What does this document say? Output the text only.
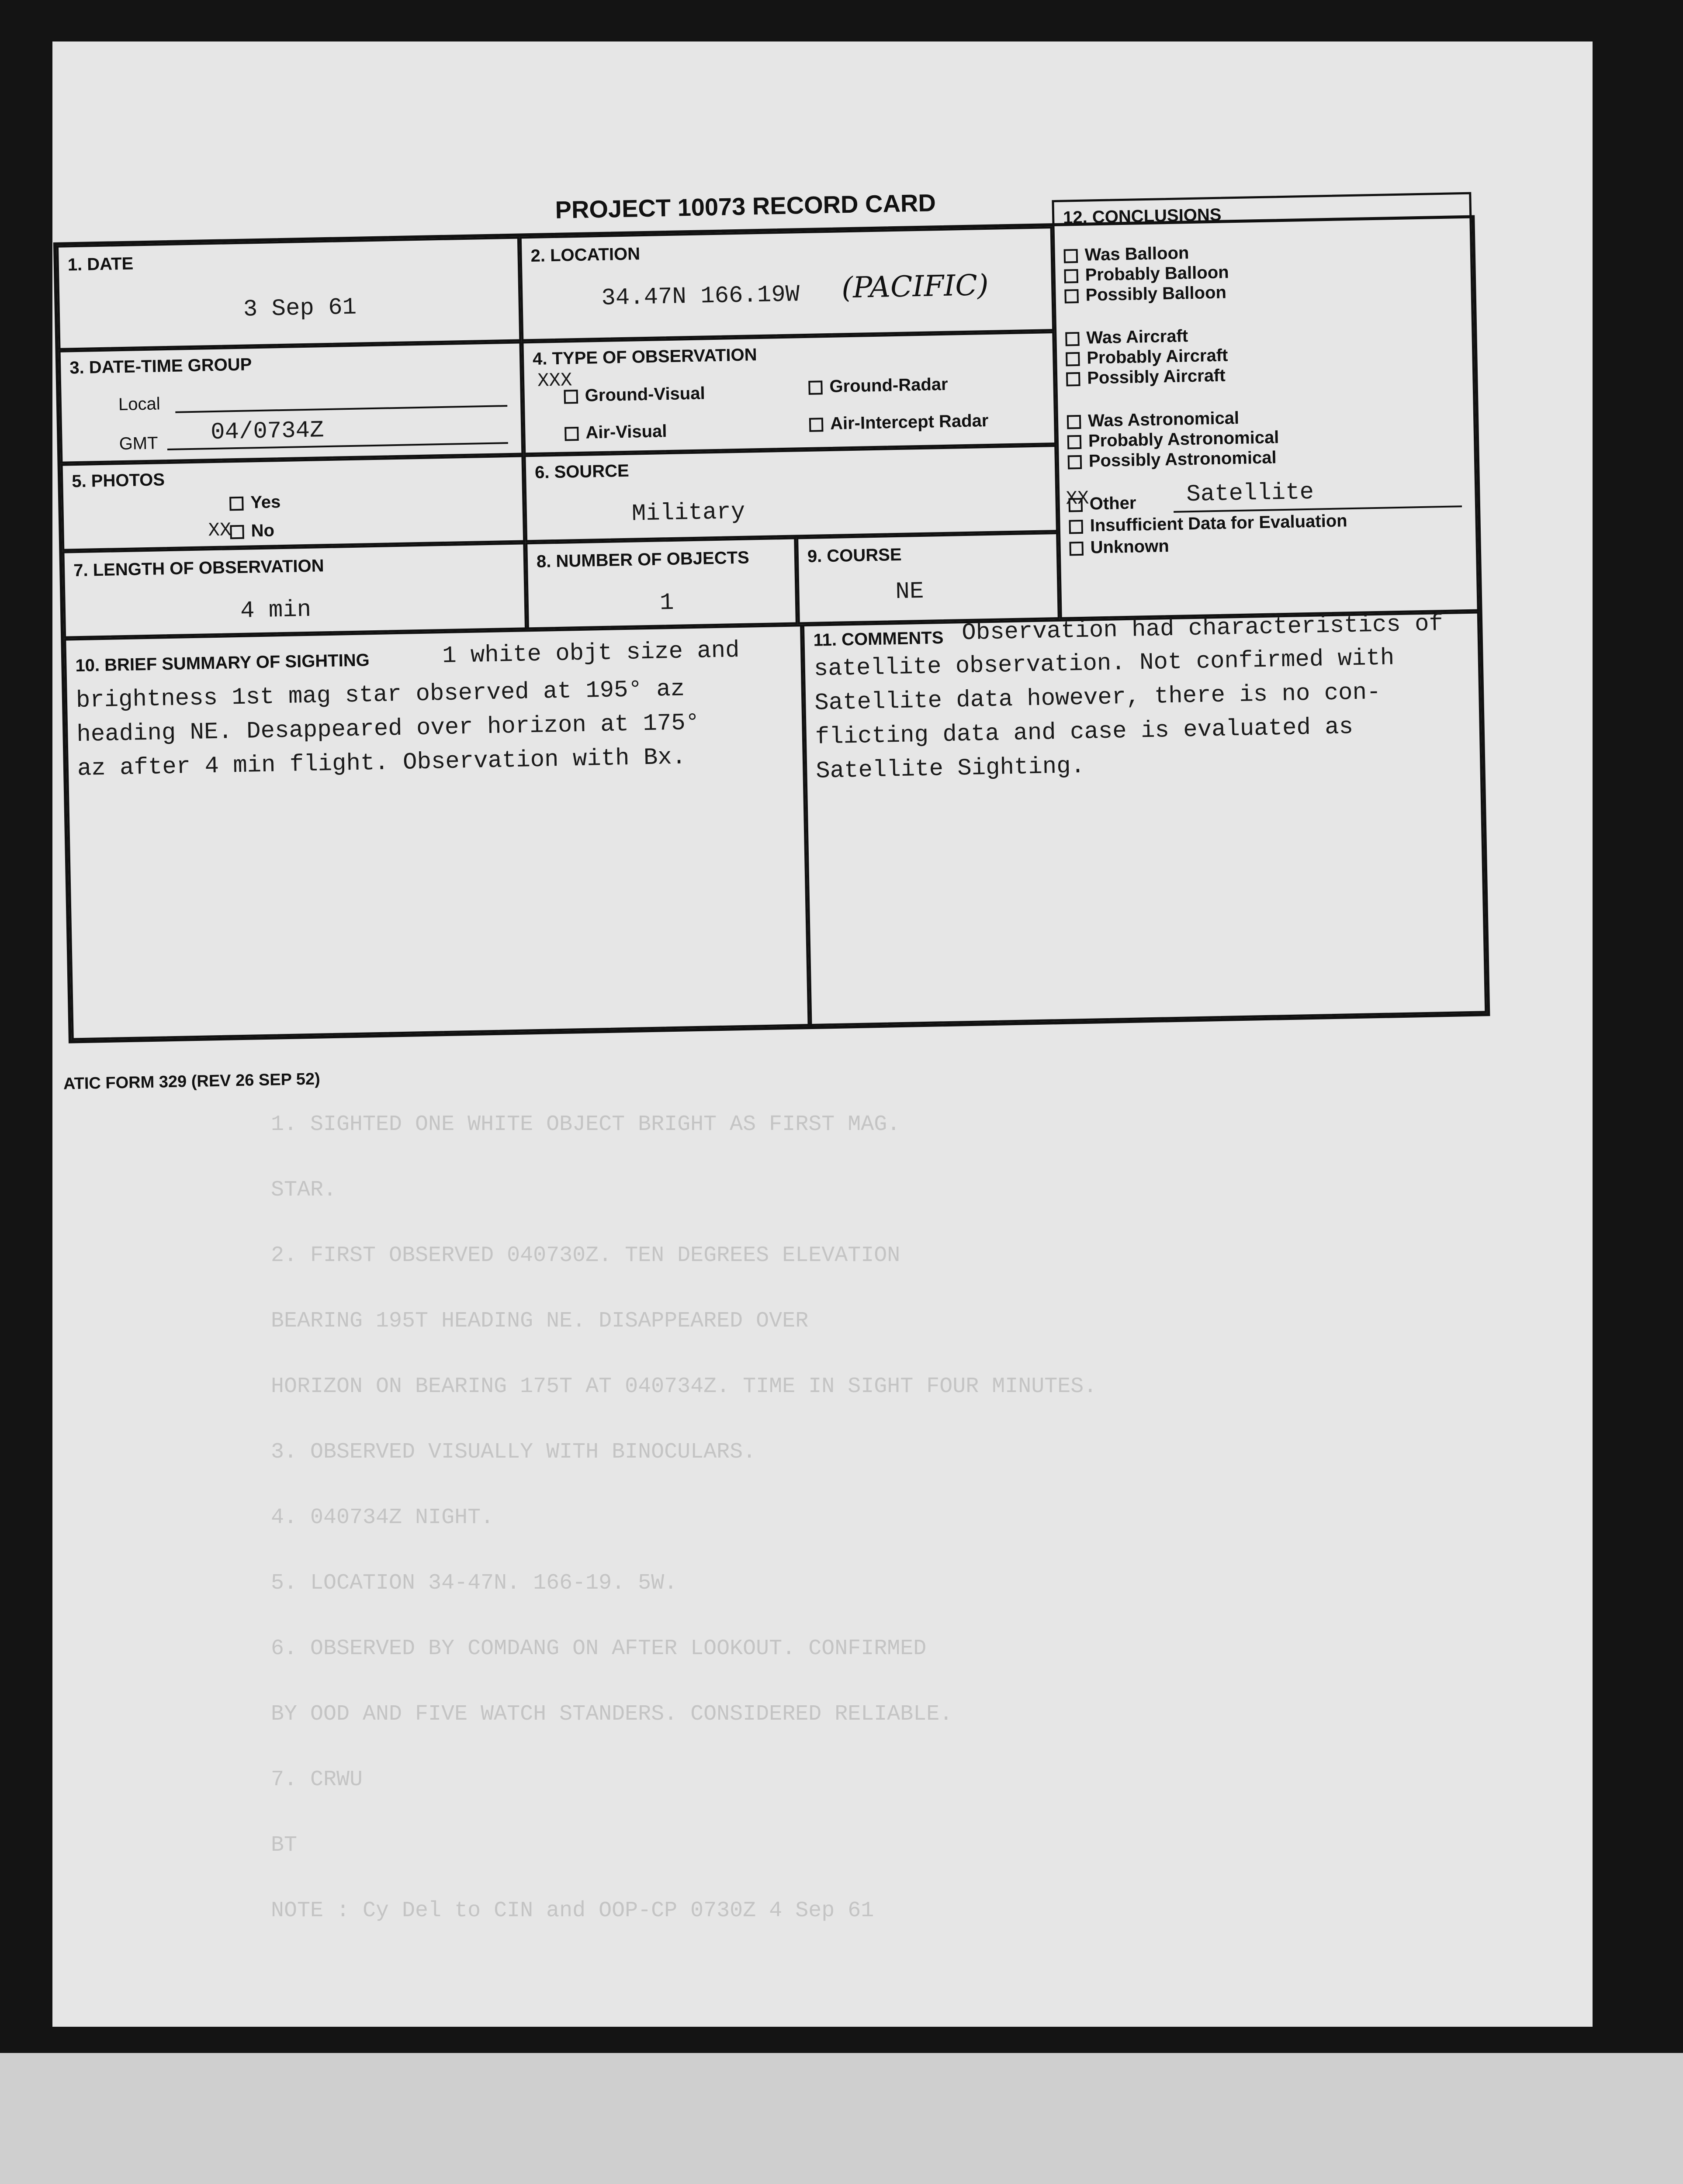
1. SIGHTED ONE WHITE OBJECT BRIGHT AS FIRST MAG.
STAR.
2. FIRST OBSERVED 040730Z. TEN DEGREES ELEVATION
BEARING 195T HEADING NE. DISAPPEARED OVER
HORIZON ON BEARING 175T AT 040734Z. TIME IN SIGHT FOUR MINUTES.
3. OBSERVED VISUALLY WITH BINOCULARS.
4. 040734Z NIGHT.
5. LOCATION 34-47N. 166-19. 5W.
6. OBSERVED BY COMDANG ON AFTER LOOKOUT. CONFIRMED
BY OOD AND FIVE WATCH STANDERS. CONSIDERED RELIABLE.
7. CRWU
BT
NOTE : Cy Del to CIN and OOP-CP 0730Z 4 Sep 61
PROJECT 10073 RECORD CARD
1. DATE
3 Sep 61
2. LOCATION
34.47N 166.19W (PACIFIC)
3. DATE-TIME GROUP
Local
GMT 04/0734Z
4. TYPE OF OBSERVATION
XXX
Ground-Visual	Ground-Radar
Air-Visual	Air-Intercept Radar
5. PHOTOS
Yes
XX	No
6. SOURCE
Military
7. LENGTH OF OBSERVATION
4 min
8. NUMBER OF OBJECTS
1
9. COURSE
NE
10. BRIEF SUMMARY OF SIGHTING	1 white objt size and
brightness 1st mag star observed at 195° az
heading NE. Desappeared over horizon at 175°
az after 4 min flight. Observation with Bx.
11. COMMENTS Observation had characteristics of
satellite observation. Not confirmed with
Satellite data however, there is no con-
flicting data and case is evaluated as
Satellite Sighting.
12. CONCLUSIONS
Was Balloon
Probably Balloon
Possibly Balloon
Was Aircraft
Probably Aircraft
Possibly Aircraft
Was Astronomical
Probably Astronomical
Possibly Astronomical
XX Other Satellite
Insufficient Data for Evaluation
Unknown
ATIC FORM 329 (REV 26 SEP 52)
